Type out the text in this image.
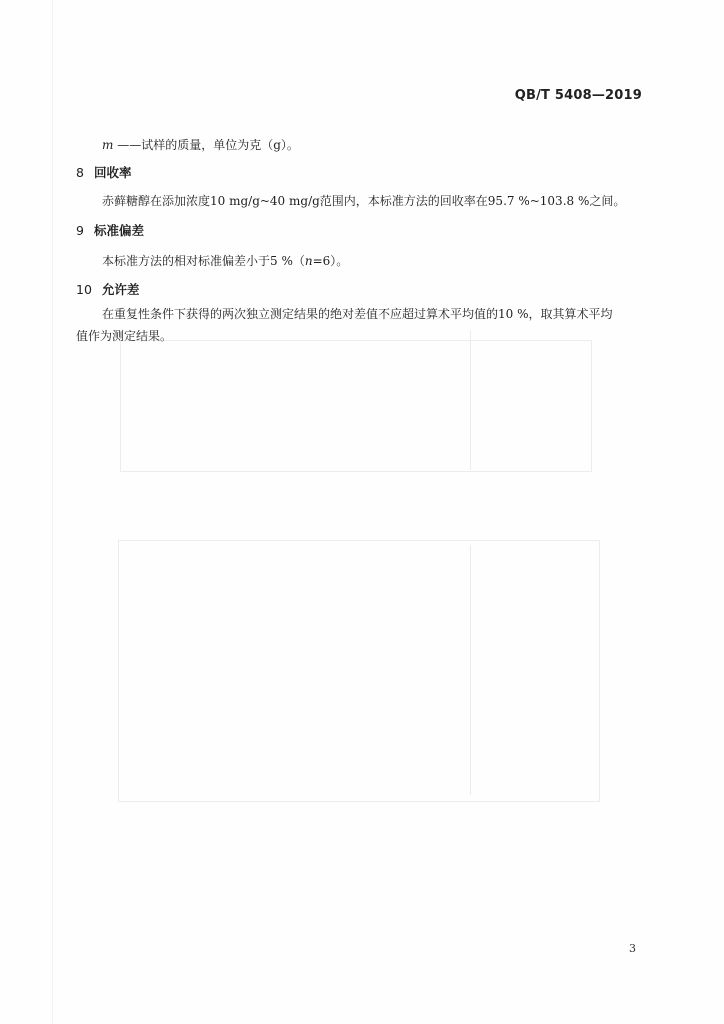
QB/T 5408—2019
m ——试样的质量，单位为克（g）。
8 回收率
赤藓糖醇在添加浓度10 mg/g~40 mg/g范围内，本标准方法的回收率在95.7 %~103.8 %之间。
9 标准偏差
本标准方法的相对标准偏差小于5 %（n=6）。
10 允许差
在重复性条件下获得的两次独立测定结果的绝对差值不应超过算术平均值的10 %，取其算术平均
值作为测定结果。
3
